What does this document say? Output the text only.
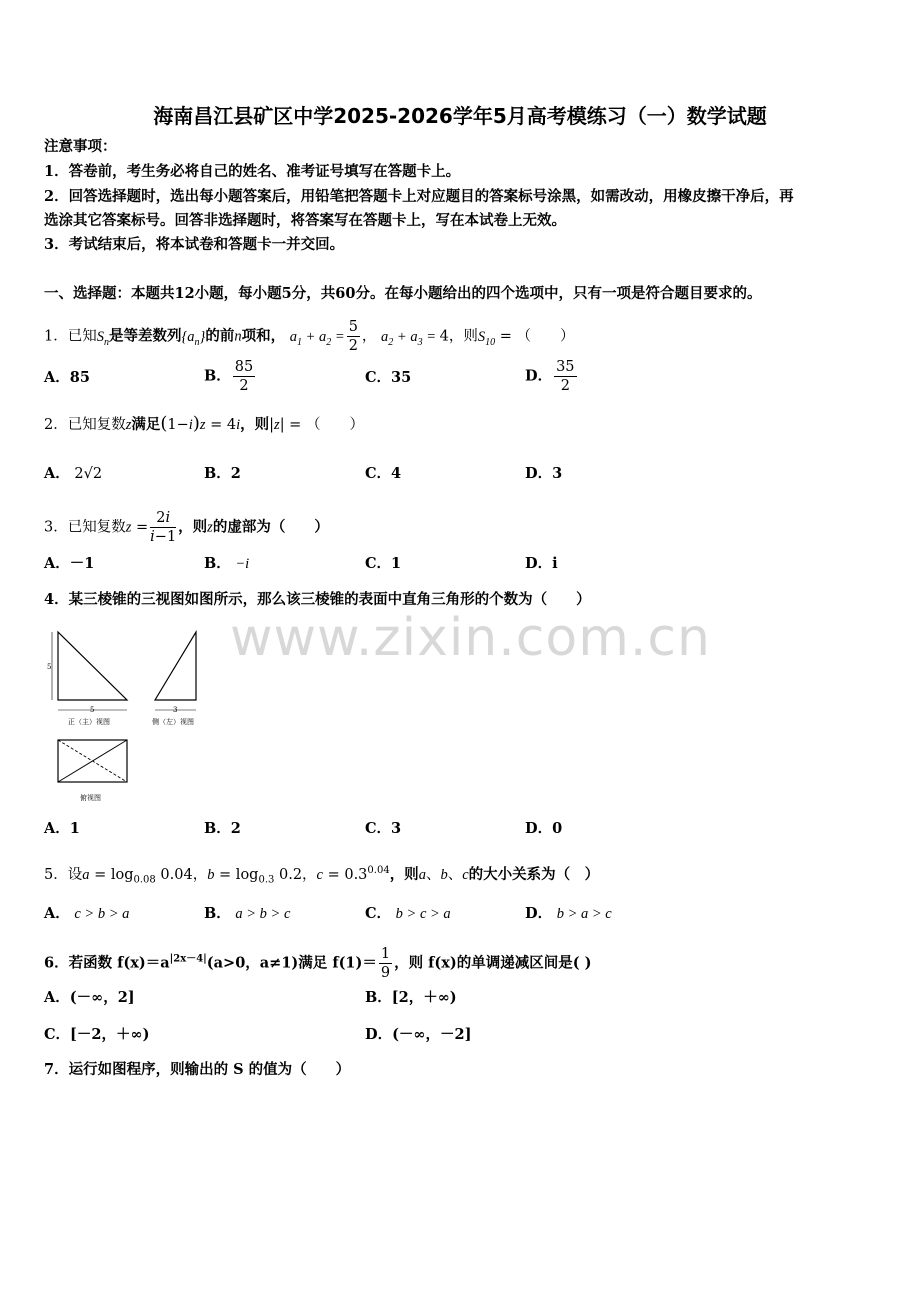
海南昌江县矿区中学2025-2026学年5月高考模练习（一）数学试题
注意事项：
1．答卷前，考生务必将自己的姓名、准考证号填写在答题卡上。
2．回答选择题时，选出每小题答案后，用铅笔把答题卡上对应题目的答案标号涂黑，如需改动，用橡皮擦干净后，再
选涂其它答案标号。回答非选择题时，将答案写在答题卡上，写在本试卷上无效。
3．考试结束后，将本试卷和答题卡一并交回。
一、选择题：本题共12小题，每小题5分，共60分。在每小题给出的四个选项中，只有一项是符合题目要求的。
1．已知$S_n$是等差数列$\{a_n\}$的前n项和， $a_1 + a_2 = \frac{5}{2}$ ， $a_2 + a_3 = 4$，则$S_{10}$ = （　　）
A．85	B． $\frac{85}{2}$	C．35	D． $\frac{35}{2}$
2．已知复数z满足(1−i)z = 4i，则|z| = （　　）
A． 2√2	B．2	C．4	D．3
3．已知复数$z = \frac{2i}{i-1}$ ，则z的虚部为（　　）
A．－1	B． −i	C．1	D．i
4．某三棱锥的三视图如图所示，那么该三棱锥的表面中直角三角形的个数为（　　）
www.zixin.com.cn
5
5
正（主）视图
3
侧（左）视图
俯视图
A．1	B．2	C．3	D．0
5．设$a = \log_{0.08} 0.04$，$b = \log_{0.3} 0.2$，$c = 0.3^{0.04}$，则a、b、c的大小关系为（　）
A． c > b > a	B． a > b > c	C． b > c > a	D． b > a > c
6．若函数 $f(x)=a^{|2x-4|}(a>0$，a≠1)满足 $f(1)= \frac{1}{9}$ ，则 f(x)的单调递减区间是( )
A．(－∞，2]	B．[2，＋∞)
C．[－2，＋∞)	D．(－∞，－2]
7．运行如图程序，则输出的 S 的值为（　　）
